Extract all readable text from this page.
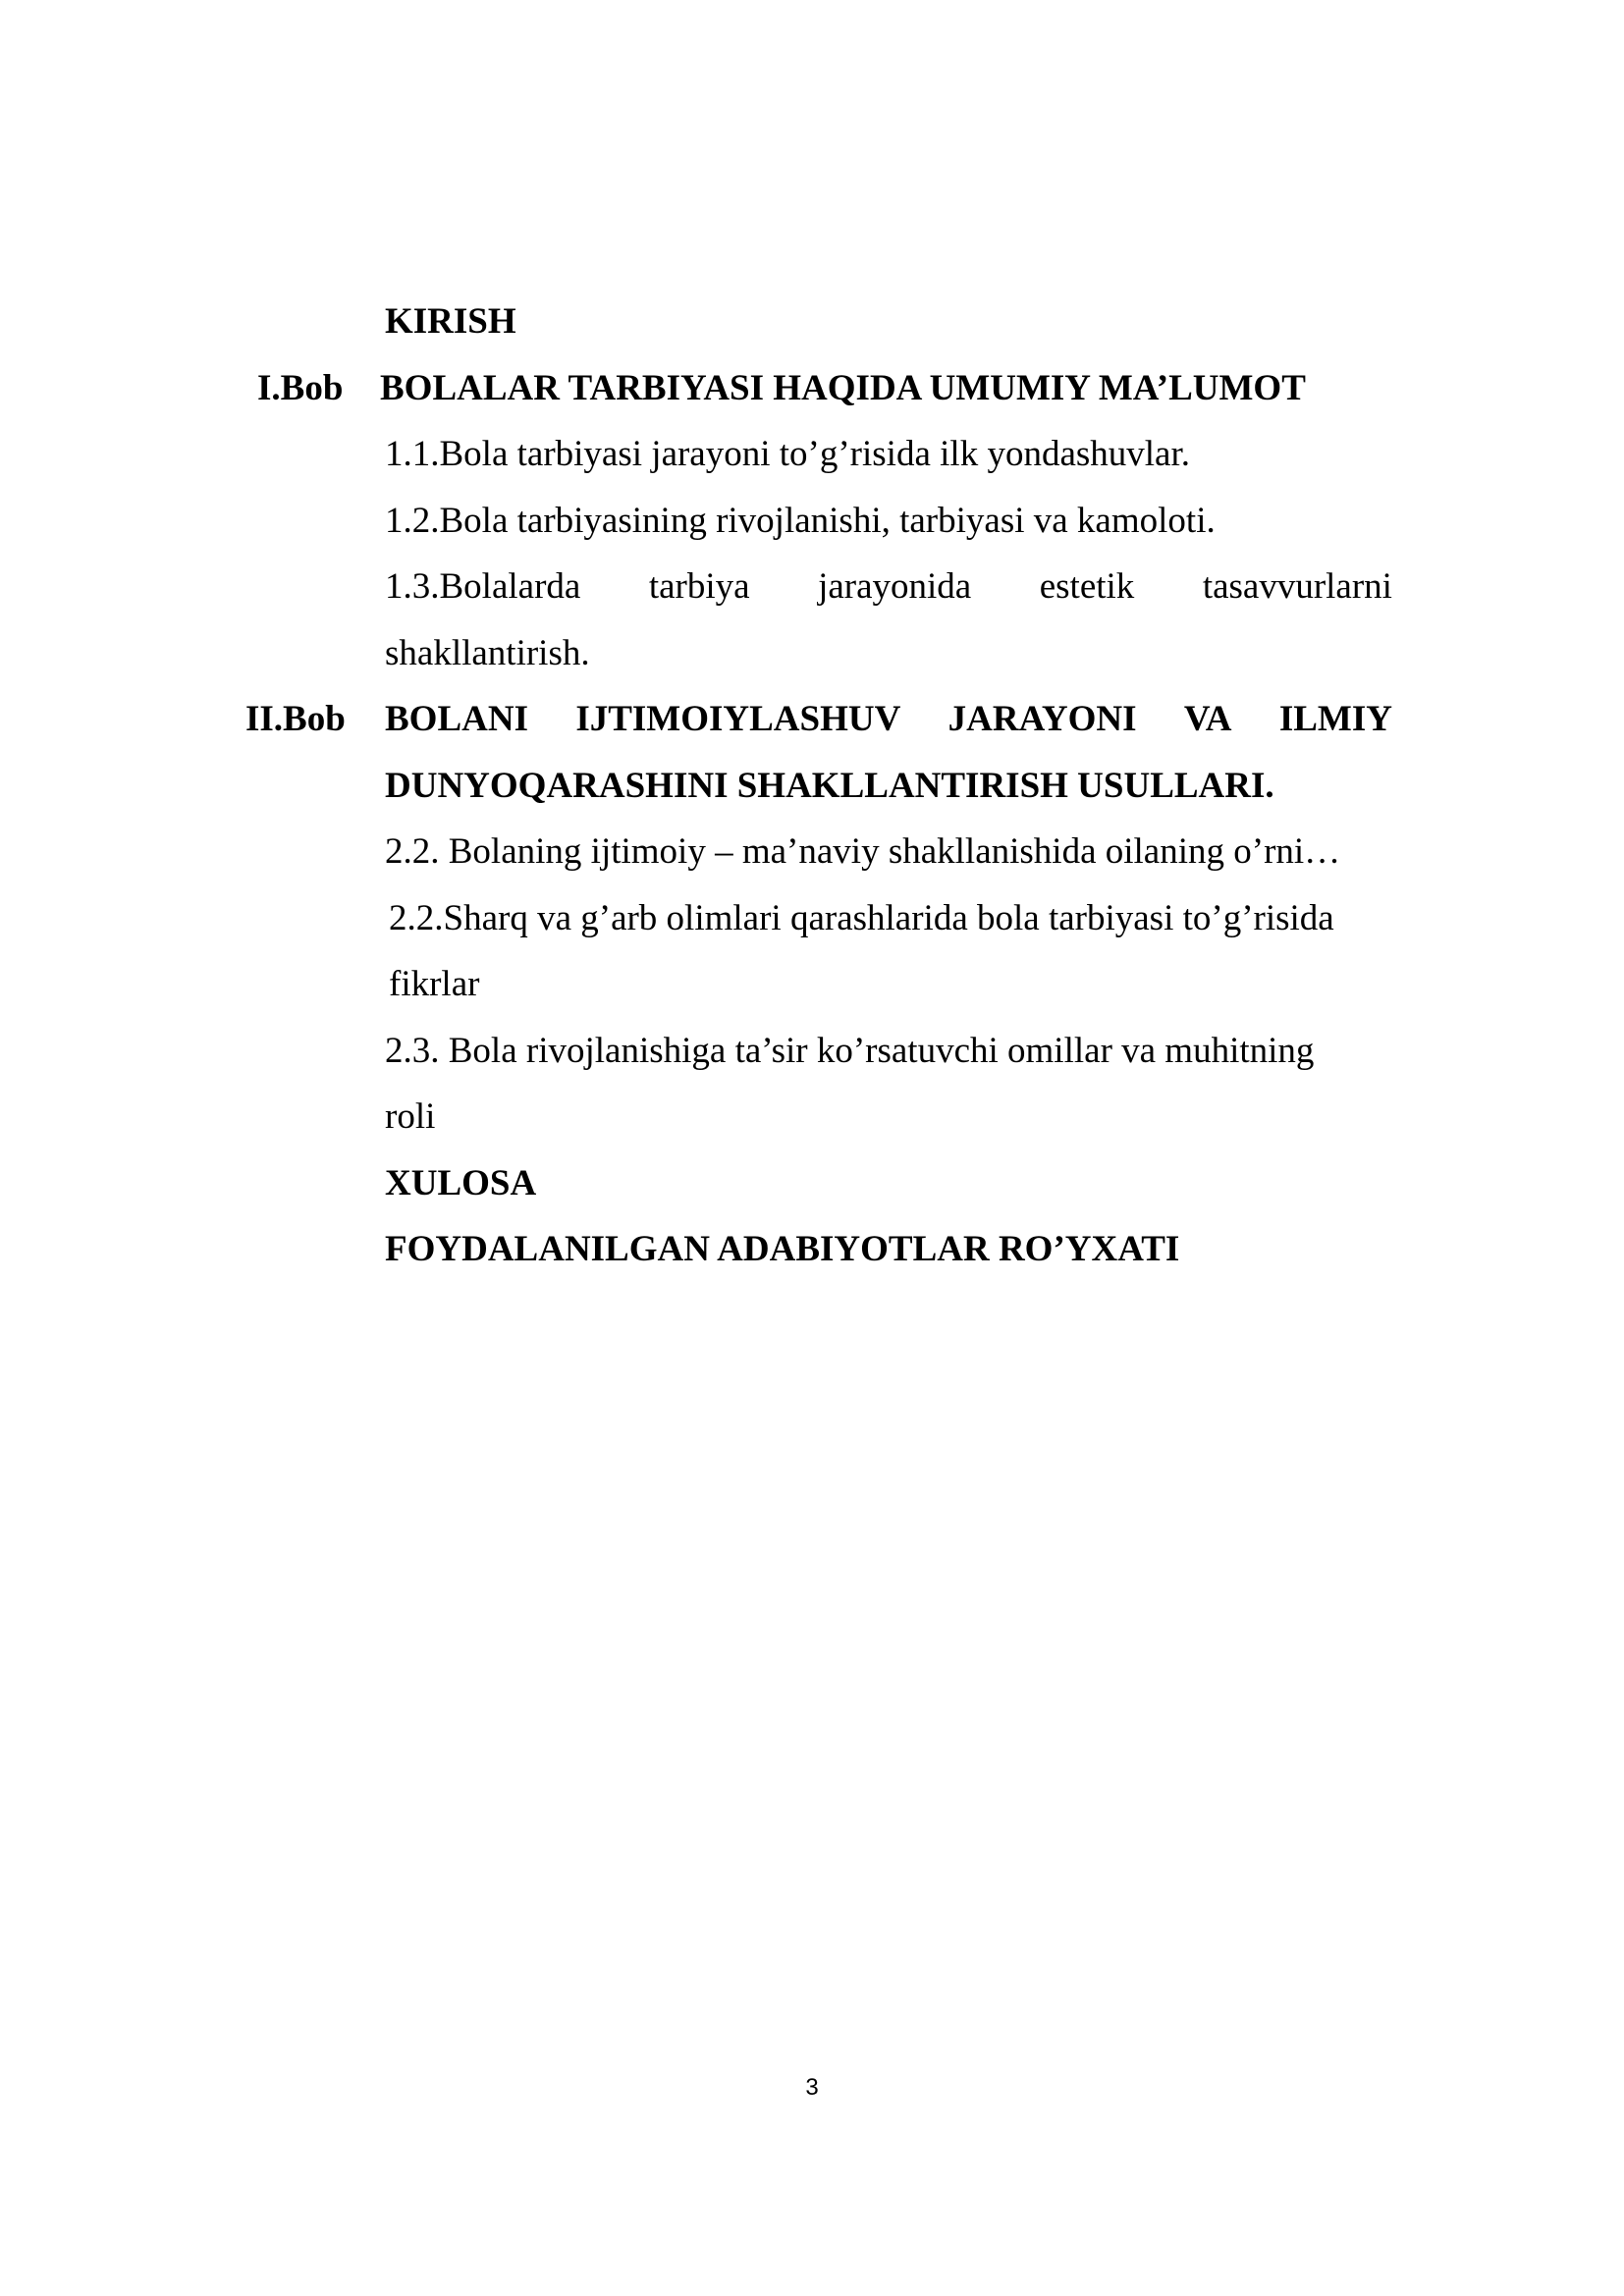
KIRISH
I.Bob BOLALAR TARBIYASI HAQIDA UMUMIY MA’LUMOT
1.1.Bola tarbiyasi jarayoni to’g’risida ilk yondashuvlar.
1.2.Bola tarbiyasining rivojlanishi, tarbiyasi va kamoloti.
1.3.Bolalarda tarbiya jarayonida estetik tasavvurlarni
shakllantirish.
II.Bob BOLANI IJTIMOIYLASHUV JARAYONI VA ILMIY
DUNYOQARASHINI SHAKLLANTIRISH USULLARI.
2.2. Bolaning ijtimoiy – ma’naviy shakllanishida oilaning o’rni…
2.2.Sharq va g’arb olimlari qarashlarida bola tarbiyasi to’g’risida
fikrlar
2.3. Bola rivojlanishiga ta’sir ko’rsatuvchi omillar va muhitning
roli
XULOSA
FOYDALANILGAN ADABIYOTLAR RO’YXATI
3
